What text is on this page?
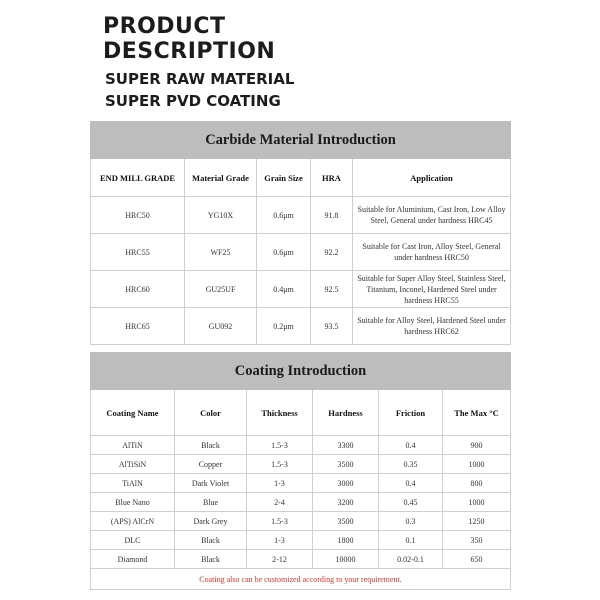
PRODUCT
DESCRIPTION
SUPER RAW MATERIAL
SUPER PVD COATING
Carbide Material Introduction				
END MILL GRADE	Material Grade	Grain Size	HRA	Application
HRC50	YG10X	0.6μm	91.8	Suitable for Aluminium, Cast Iron, Low Alloy Steel, General under hardness HRC45
HRC55	WF25	0.6μm	92.2	Suitable for Cast Iron, Alloy Steel, General under hardness HRC50
HRC60	GU25UF	0.4μm	92.5	Suitable for Super Alloy Steel, Stainless Steel, Titanium, Inconel, Hardened Steel under hardness HRC55
HRC65	GU092	0.2μm	93.5	Suitable for Alloy Steel, Hardened Steel under hardness HRC62
Coating Introduction					
Coating Name	Color	Thickness	Hardness	Friction	The Max °C
AlTiN	Black	1.5-3	3300	0.4	900
AlTiSiN	Copper	1.5-3	3500	0.35	1000
TiAlN	Dark Violet	1-3	3000	0.4	800
Blue Nano	Blue	2-4	3200	0.45	1000
(APS) AlCrN	Dark Grey	1.5-3	3500	0.3	1250
DLC	Black	1-3	1800	0.1	350
Diamond	Black	2-12	10000	0.02-0.1	650
Coating also can be customized according to your requirement.					
